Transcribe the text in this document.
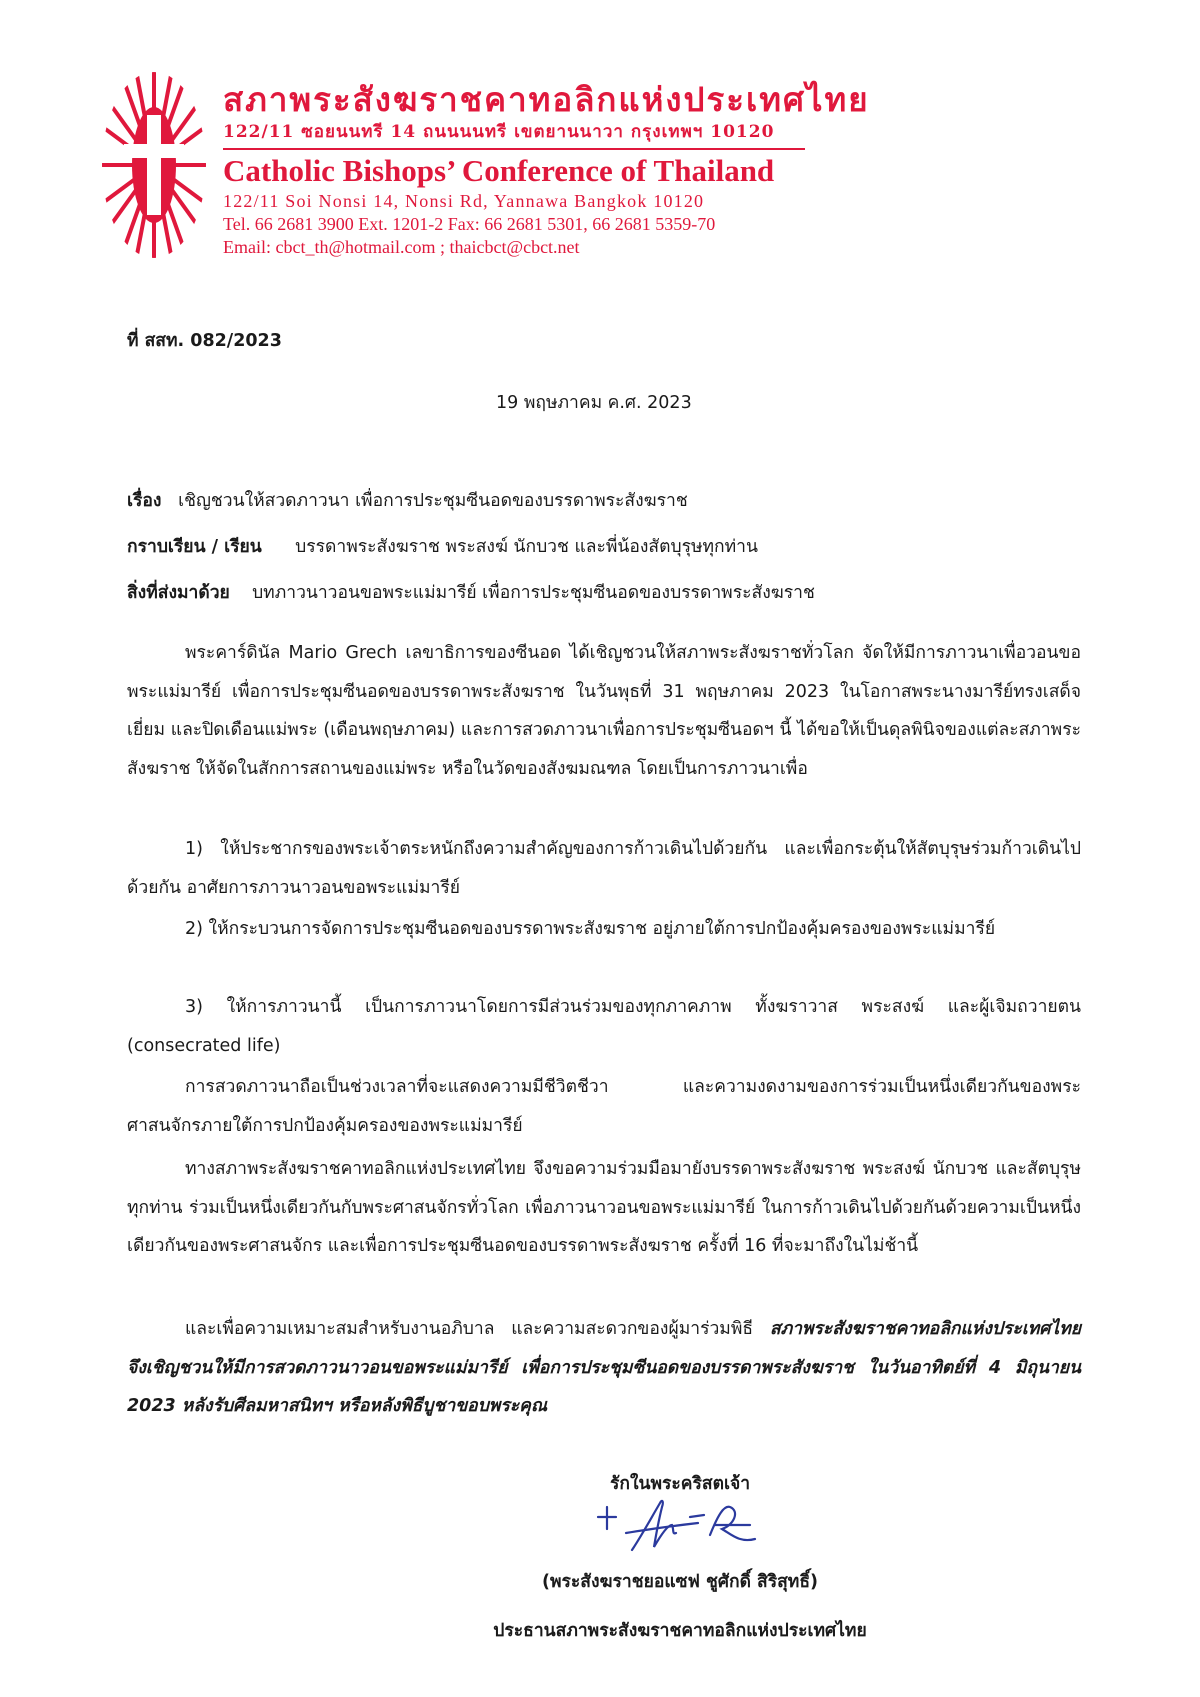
สภาพระสังฆราชคาทอลิกแห่งประเทศไทย
122/11 ซอยนนทรี 14 ถนนนนทรี เขตยานนาวา กรุงเทพฯ 10120
Catholic Bishops’ Conference of Thailand
122/11 Soi Nonsi 14, Nonsi Rd, Yannawa Bangkok 10120
Tel. 66 2681 3900 Ext. 1201-2 Fax: 66 2681 5301, 66 2681 5359-70
Email: cbct_th@hotmail.com ; thaicbct@cbct.net
ที่ สสท. 082/2023
19 พฤษภาคม ค.ศ. 2023
เรื่อง เชิญชวนให้สวดภาวนา เพื่อการประชุมซีนอดของบรรดาพระสังฆราช
กราบเรียน / เรียน บรรดาพระสังฆราช พระสงฆ์ นักบวช และพี่น้องสัตบุรุษทุกท่าน
สิ่งที่ส่งมาด้วย บทภาวนาวอนขอพระแม่มารีย์ เพื่อการประชุมซีนอดของบรรดาพระสังฆราช
พระคาร์ดินัล Mario Grech เลขาธิการของซีนอด ได้เชิญชวนให้สภาพระสังฆราชทั่วโลก จัดให้มีการภาวนาเพื่อวอนขอพระแม่มารีย์ เพื่อการประชุมซีนอดของบรรดาพระสังฆราช ในวันพุธที่ 31 พฤษภาคม 2023 ในโอกาสพระนางมารีย์ทรงเสด็จเยี่ยม และปิดเดือนแม่พระ (เดือนพฤษภาคม) และการสวดภาวนาเพื่อการประชุมซีนอดฯ นี้ ได้ขอให้เป็นดุลพินิจของแต่ละสภาพระสังฆราช ให้จัดในสักการสถานของแม่พระ หรือในวัดของสังฆมณฑล โดยเป็นการภาวนาเพื่อ
1) ให้ประชากรของพระเจ้าตระหนักถึงความสำคัญของการก้าวเดินไปด้วยกัน และเพื่อกระตุ้นให้สัตบุรุษร่วมก้าวเดินไปด้วยกัน อาศัยการภาวนาวอนขอพระแม่มารีย์
2) ให้กระบวนการจัดการประชุมซีนอดของบรรดาพระสังฆราช อยู่ภายใต้การปกป้องคุ้มครองของพระแม่มารีย์
3) ให้การภาวนานี้ เป็นการภาวนาโดยการมีส่วนร่วมของทุกภาคภาพ ทั้งฆราวาส พระสงฆ์ และผู้เจิมถวายตน (consecrated life)
การสวดภาวนาถือเป็นช่วงเวลาที่จะแสดงความมีชีวิตชีวา และความงดงามของการร่วมเป็นหนึ่งเดียวกันของพระศาสนจักรภายใต้การปกป้องคุ้มครองของพระแม่มารีย์
ทางสภาพระสังฆราชคาทอลิกแห่งประเทศไทย จึงขอความร่วมมือมายังบรรดาพระสังฆราช พระสงฆ์ นักบวช และสัตบุรุษทุกท่าน ร่วมเป็นหนึ่งเดียวกันกับพระศาสนจักรทั่วโลก เพื่อภาวนาวอนขอพระแม่มารีย์ ในการก้าวเดินไปด้วยกันด้วยความเป็นหนึ่งเดียวกันของพระศาสนจักร และเพื่อการประชุมซีนอดของบรรดาพระสังฆราช ครั้งที่ 16 ที่จะมาถึงในไม่ช้านี้
และเพื่อความเหมาะสมสำหรับงานอภิบาล และความสะดวกของผู้มาร่วมพิธี สภาพระสังฆราชคาทอลิกแห่งประเทศไทย จึงเชิญชวนให้มีการสวดภาวนาวอนขอพระแม่มารีย์ เพื่อการประชุมซีนอดของบรรดาพระสังฆราช ในวันอาทิตย์ที่ 4 มิถุนายน 2023 หลังรับศีลมหาสนิทฯ หรือหลังพิธีบูชาขอบพระคุณ
รักในพระคริสตเจ้า
(พระสังฆราชยอแซฟ ชูศักดิ์ สิริสุทธิ์)
ประธานสภาพระสังฆราชคาทอลิกแห่งประเทศไทย
